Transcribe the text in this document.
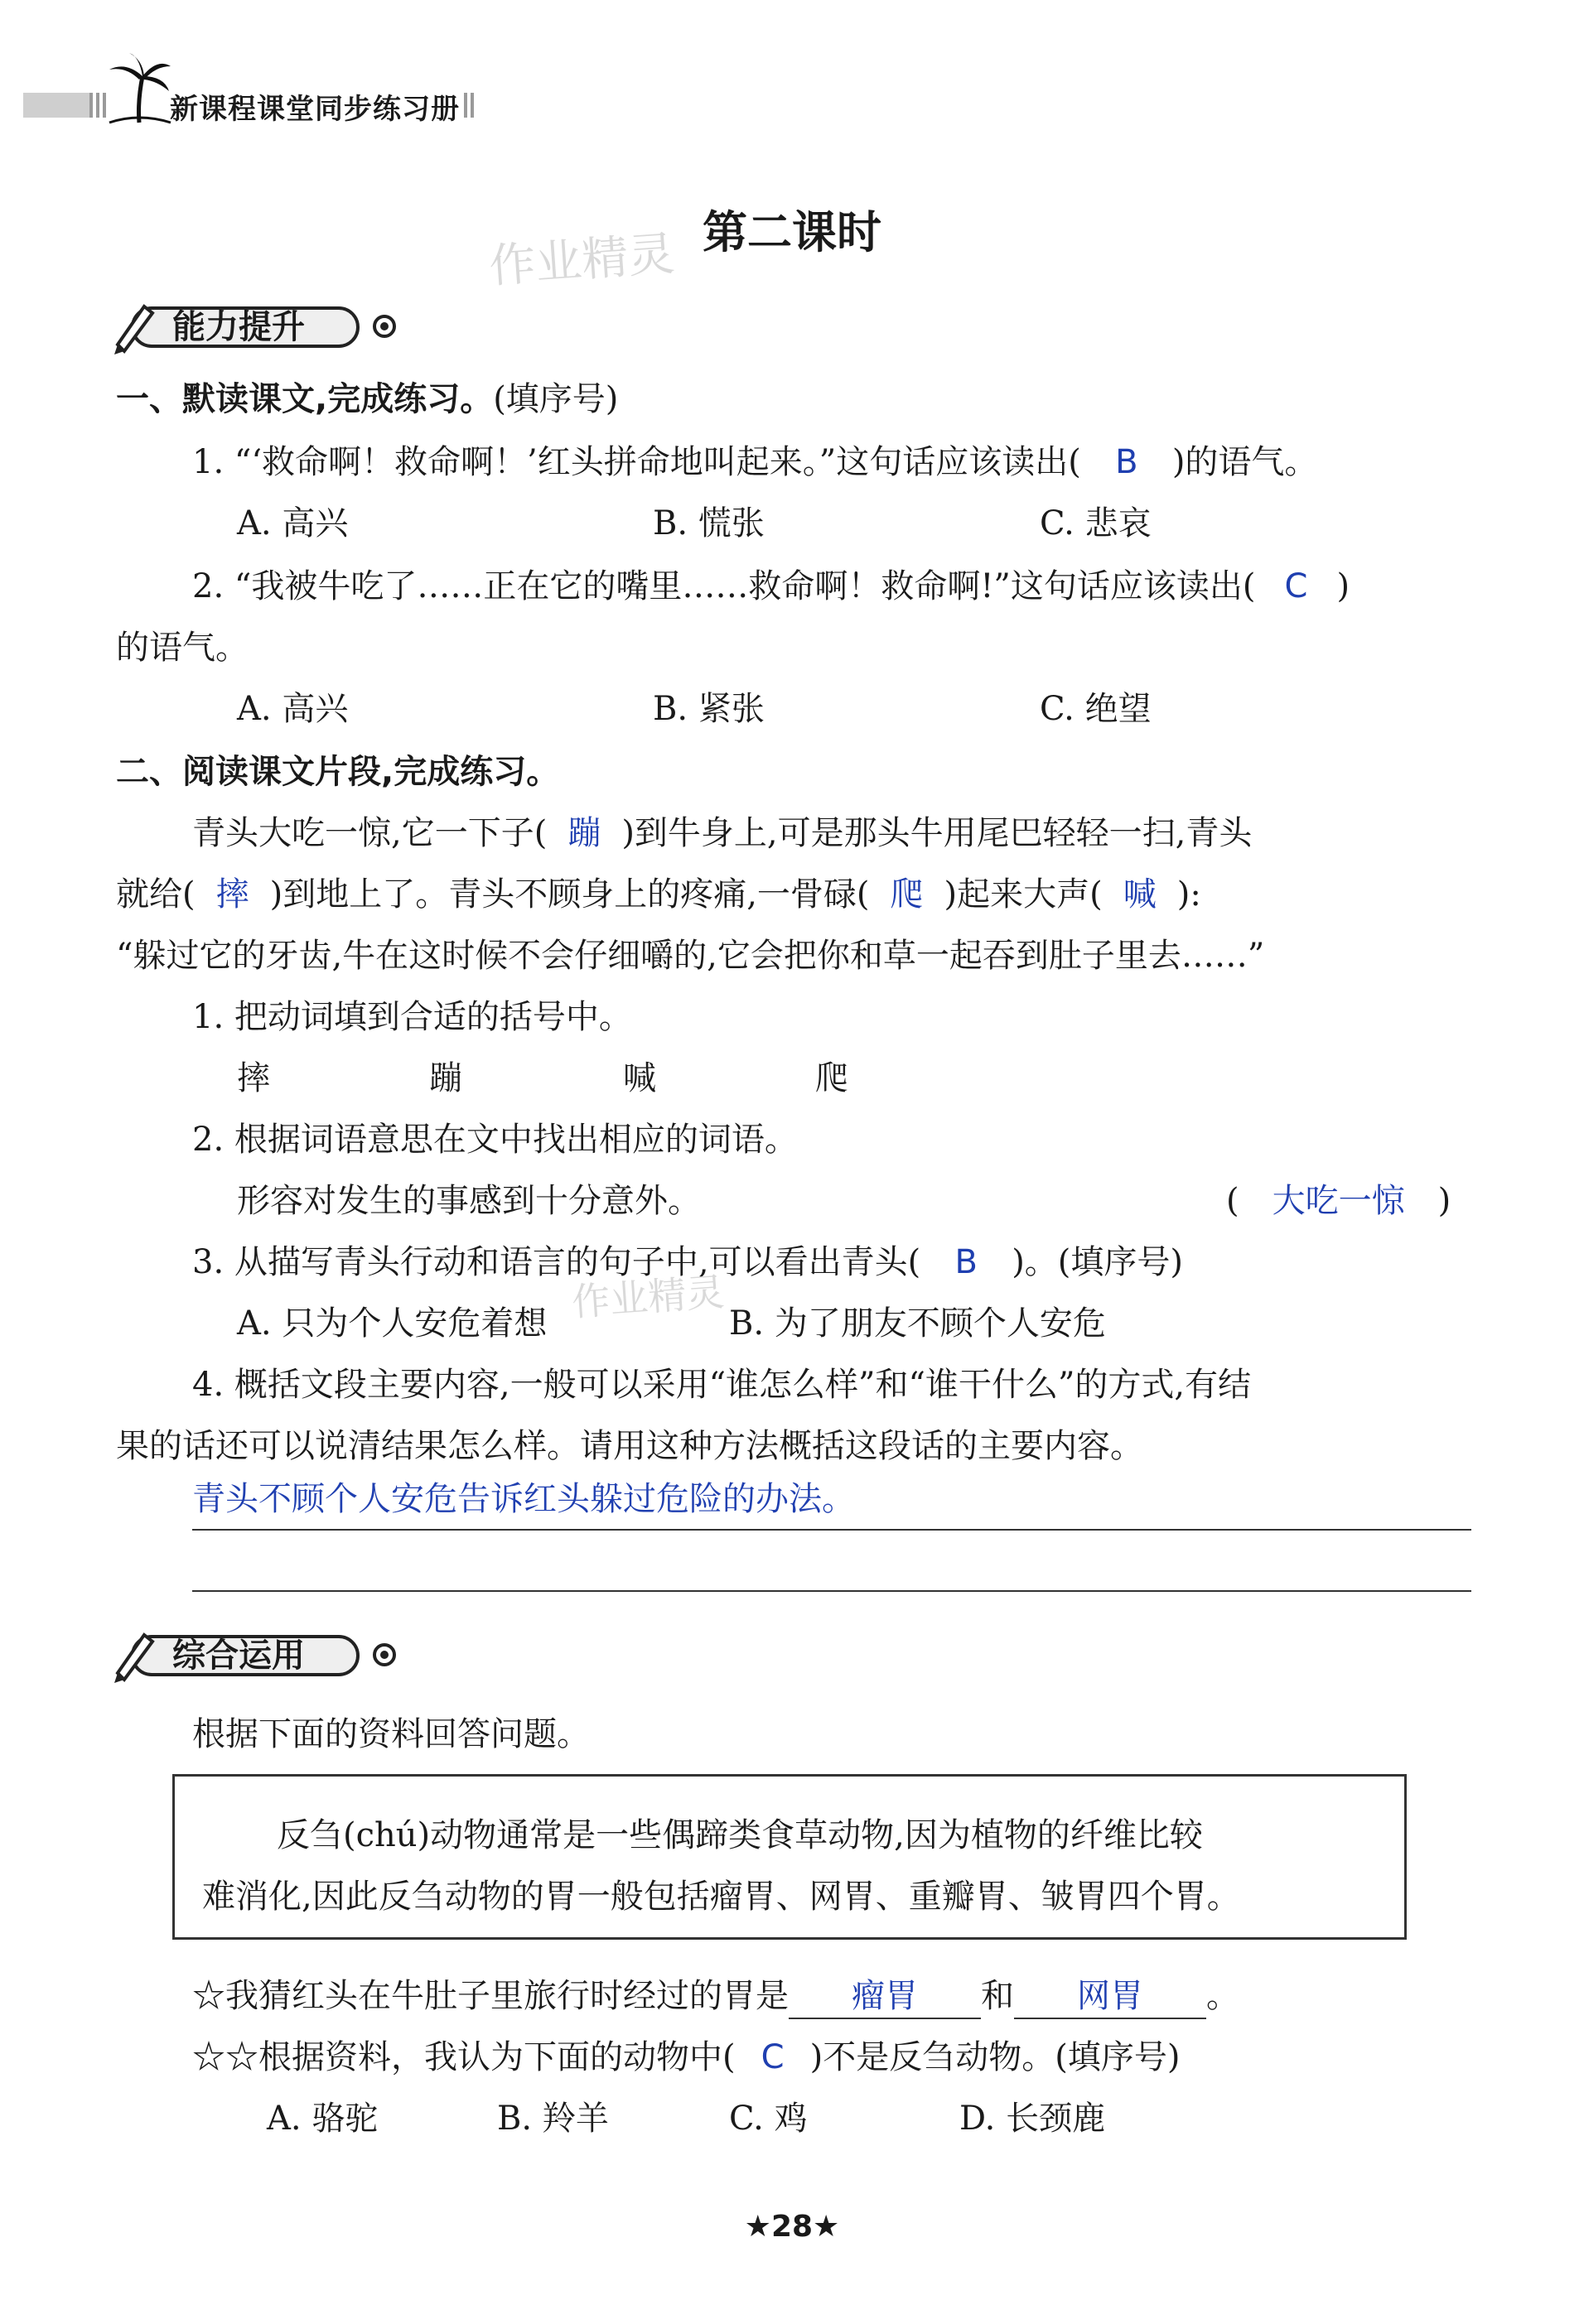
新课程课堂同步练习册
第二课时
作业精灵
能力提升
一、默读课文,完成练习。(填序号)
1. “‘救命啊！救命啊！’红头拼命地叫起来。”这句话应该读出( B )的语气。
A. 高兴	B. 慌张	C. 悲哀
2. “我被牛吃了……正在它的嘴里……救命啊！救命啊!”这句话应该读出( C )
的语气。
A. 高兴	B. 紧张	C. 绝望
二、阅读课文片段,完成练习。
青头大吃一惊,它一下子( 蹦 )到牛身上,可是那头牛用尾巴轻轻一扫,青头
就给( 摔 )到地上了。青头不顾身上的疼痛,一骨碌( 爬 )起来大声( 喊 ):
“躲过它的牙齿,牛在这时候不会仔细嚼的,它会把你和草一起吞到肚子里去……”
1. 把动词填到合适的括号中。
摔	蹦	喊	爬
2. 根据词语意思在文中找出相应的词语。
形容对发生的事感到十分意外。	( 大吃一惊 )
3. 从描写青头行动和语言的句子中,可以看出青头( B )。(填序号)
A. 只为个人安危着想	B. 为了朋友不顾个人安危
作业精灵
4. 概括文段主要内容,一般可以采用“谁怎么样”和“谁干什么”的方式,有结
果的话还可以说清结果怎么样。请用这种方法概括这段话的主要内容。
青头不顾个人安危告诉红头躲过危险的办法。
综合运用
根据下面的资料回答问题。
反刍(chú)动物通常是一些偶蹄类食草动物,因为植物的纤维比较
难消化,因此反刍动物的胃一般包括瘤胃、网胃、重瓣胃、皱胃四个胃。
☆我猜红头在牛肚子里旅行时经过的胃是 瘤胃 和 网胃 。
☆☆根据资料，我认为下面的动物中( C )不是反刍动物。(填序号)
A. 骆驼	B. 羚羊	C. 鸡	D. 长颈鹿
★28★
